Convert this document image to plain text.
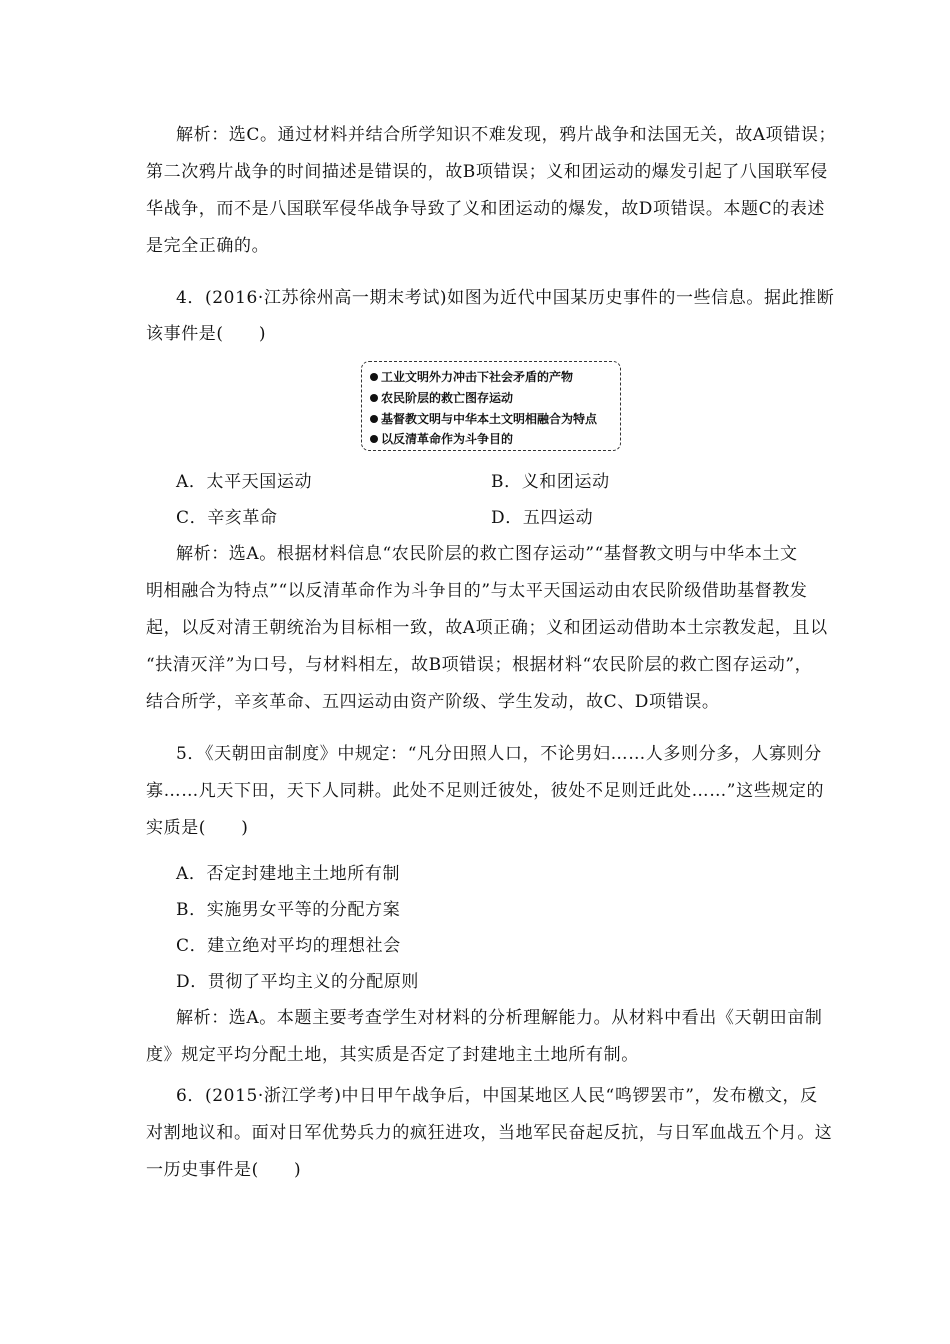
解析：选C。通过材料并结合所学知识不难发现，鸦片战争和法国无关，故A项错误；
第二次鸦片战争的时间描述是错误的，故B项错误；义和团运动的爆发引起了八国联军侵
华战争，而不是八国联军侵华战争导致了义和团运动的爆发，故D项错误。本题C的表述
是完全正确的。
4．(2016·江苏徐州高一期末考试)如图为近代中国某历史事件的一些信息。据此推断
该事件是(　　)
工业文明外力冲击下社会矛盾的产物
农民阶层的救亡图存运动
基督教文明与中华本土文明相融合为特点
以反清革命作为斗争目的
A．太平天国运动	B．义和团运动
C．辛亥革命	D．五四运动
解析：选A。根据材料信息“农民阶层的救亡图存运动”“基督教文明与中华本土文
明相融合为特点”“以反清革命作为斗争目的”与太平天国运动由农民阶级借助基督教发
起，以反对清王朝统治为目标相一致，故A项正确；义和团运动借助本土宗教发起，且以
“扶清灭洋”为口号，与材料相左，故B项错误；根据材料“农民阶层的救亡图存运动”，
结合所学，辛亥革命、五四运动由资产阶级、学生发动，故C、D项错误。
5．《天朝田亩制度》中规定：“凡分田照人口，不论男妇……人多则分多，人寡则分
寡……凡天下田，天下人同耕。此处不足则迁彼处，彼处不足则迁此处……”这些规定的
实质是(　　)
A．否定封建地主土地所有制
B．实施男女平等的分配方案
C．建立绝对平均的理想社会
D．贯彻了平均主义的分配原则
解析：选A。本题主要考查学生对材料的分析理解能力。从材料中看出《天朝田亩制
度》规定平均分配土地，其实质是否定了封建地主土地所有制。
6．(2015·浙江学考)中日甲午战争后，中国某地区人民“鸣锣罢市”，发布檄文，反
对割地议和。面对日军优势兵力的疯狂进攻，当地军民奋起反抗，与日军血战五个月。这
一历史事件是(　　)
